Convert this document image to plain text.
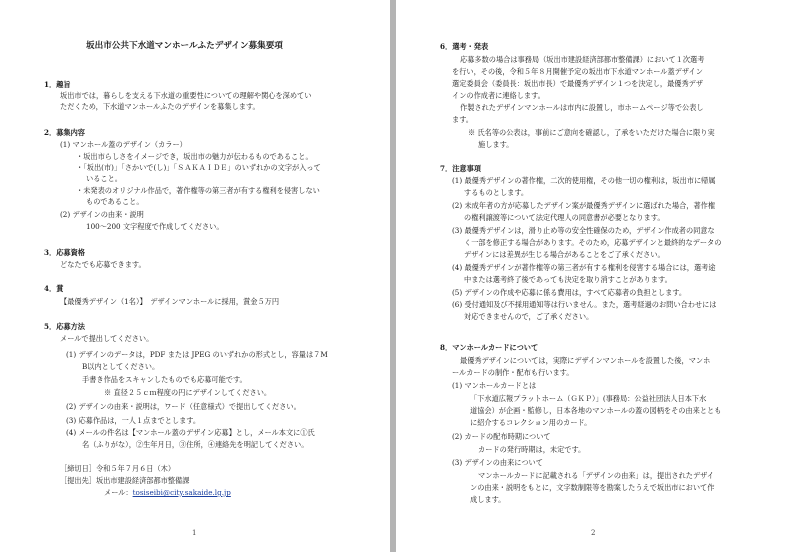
坂出市公共下水道マンホールふたデザイン募集要項
1．趣旨
坂出市では，暮らしを支える下水道の重要性についての理解や関心を深めてい
ただくため，下水道マンホールふたのデザインを募集します。
2．募集内容
(1) マンホール蓋のデザイン（カラー）
・坂出市らしさをイメージでき，坂出市の魅力が伝わるものであること。
・「坂出(市)」「さかいで(し)」「ＳＡＫＡＩＤＥ」のいずれかの文字が入って
いること。
・未発表のオリジナル作品で，著作権等の第三者が有する権利を侵害しない
ものであること。
(2) デザインの由来・説明
100～200 文字程度で作成してください。
3．応募資格
どなたでも応募できます。
4．賞
【最優秀デザイン（1名）】　デザインマンホールに採用，賞金５万円
5．応募方法
メールで提出してください。
(1) デザインのデータは，PDF または JPEG のいずれかの形式とし，容量は７M
B以内としてください。
手書き作品をスキャンしたものでも応募可能です。
※ 直径２５ｃｍ程度の円にデザインしてください。
(2) デザインの由来・説明は，ワード（任意様式）で提出してください。
(3) 応募作品は，一人１点までとします。
(4) メールの件名は【マンホール蓋のデザイン応募】とし，メール本文に①氏
名（ふりがな），②生年月日，③住所，④連絡先を明記してください。
［締切日］令和５年７月６日（木）
［提出先］坂出市建設経済部都市整備課
メール：tosiseibi@city.sakaide.lg.jp
1
6．選考・発表
応募多数の場合は事務局（坂出市建設経済部都市整備課）において１次選考
を行い，その後，令和５年８月開催予定の坂出市下水道マンホール蓋デザイン
選定委員会（委員長：坂出市長）で最優秀デザイン１つを決定し，最優秀デザ
インの作成者に連絡します。
作製されたデザインマンホールは市内に設置し，市ホームページ等で公表し
ます。
※ 氏名等の公表は，事前にご意向を確認し，了承をいただけた場合に限り実
施します。
7．注意事項
(1) 最優秀デザインの著作権，二次的使用権，その他一切の権利は，坂出市に帰属
するものとします。
(2) 未成年者の方が応募したデザイン案が最優秀デザインに選ばれた場合，著作権
の権利譲渡等について法定代理人の同意書が必要となります。
(3) 最優秀デザインは，滑り止め等の安全性確保のため，デザイン作成者の同意な
く一部を修正する場合があります。そのため，応募デザインと最終的なデータの
デザインには差異が生じる場合があることをご了承ください。
(4) 最優秀デザインが著作権等の第三者が有する権利を侵害する場合には，選考途
中または選考終了後であっても決定を取り消すことがあります。
(5) デザインの作成や応募に係る費用は，すべて応募者の負担とします。
(6) 受付通知及び不採用通知等は行いません。また，選考経過のお問い合わせには
対応できませんので，ご了承ください。
8．マンホールカードについて
最優秀デザインについては，実際にデザインマンホールを設置した後，マンホ
ールカードの制作・配布も行います。
(1) マンホールカードとは
「下水道広報プラットホーム（ＧＫＰ）」(事務局：公益社団法人日本下水
道協会）が企画・監修し，日本各地のマンホールの蓋の図柄をその由来ととも
に紹介するコレクション用のカード。
(2) カードの配布時期について
カードの発行時期は，未定です。
(3) デザインの由来について
マンホールカードに記載される「デザインの由来」は，提出されたデザイ
ンの由来・説明をもとに，文字数制限等を勘案したうえで坂出市において作
成します。
2
